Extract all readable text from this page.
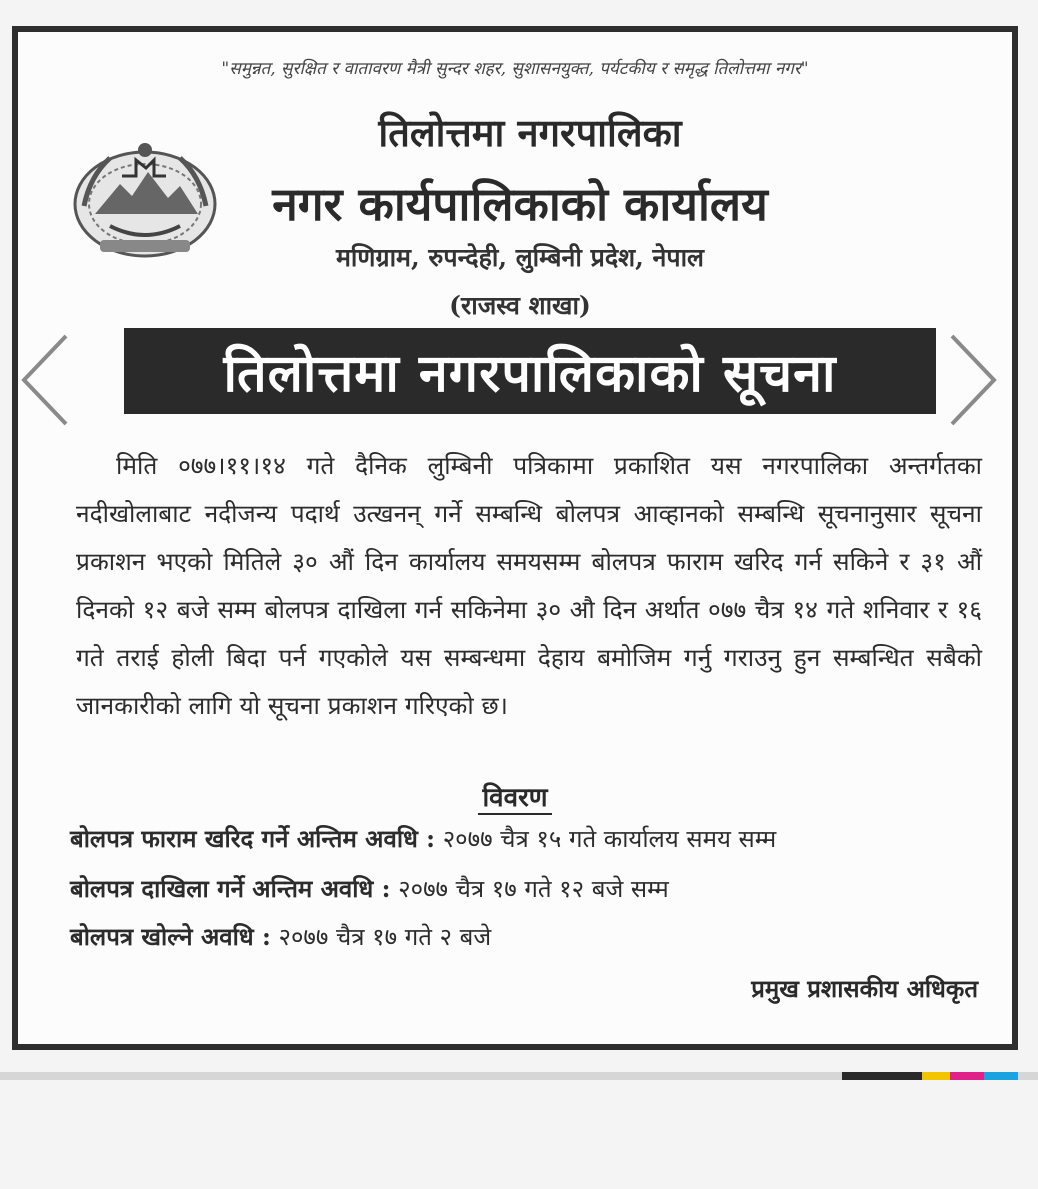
"समुन्नत, सुरक्षित र वातावरण मैत्री सुन्दर शहर, सुशासनयुक्त, पर्यटकीय र समृद्ध तिलोत्तमा नगर"
तिलोत्तमा नगरपालिका
नगर कार्यपालिकाको कार्यालय
मणिग्राम, रुपन्देही, लुम्बिनी प्रदेश, नेपाल
(राजस्व शाखा)
तिलोत्तमा नगरपालिकाको सूचना
मिति ०७७।११।१४ गते दैनिक लुम्बिनी पत्रिकामा प्रकाशित यस नगरपालिका अन्तर्गतका नदीखोलाबाट नदीजन्य पदार्थ उत्खनन् गर्ने सम्बन्धि बोलपत्र आव्हानको सम्बन्धि सूचनानुसार सूचना प्रकाशन भएको मितिले ३० औं दिन कार्यालय समयसम्म बोलपत्र फाराम खरिद गर्न सकिने र ३१ औं दिनको १२ बजे सम्म बोलपत्र दाखिला गर्न सकिनेमा ३० औ दिन अर्थात ०७७ चैत्र १४ गते शनिवार र १६ गते तराई होली बिदा पर्न गएकोले यस सम्बन्धमा देहाय बमोजिम गर्नु गराउनु हुन सम्बन्धित सबैको जानकारीको लागि यो सूचना प्रकाशन गरिएको छ।
विवरण
बोलपत्र फाराम खरिद गर्ने अन्तिम अवधि : २०७७ चैत्र १५ गते कार्यालय समय सम्म
बोलपत्र दाखिला गर्ने अन्तिम अवधि : २०७७ चैत्र १७ गते १२ बजे सम्म
बोलपत्र खोल्ने अवधि : २०७७ चैत्र १७ गते २ बजे
प्रमुख प्रशासकीय अधिकृत
